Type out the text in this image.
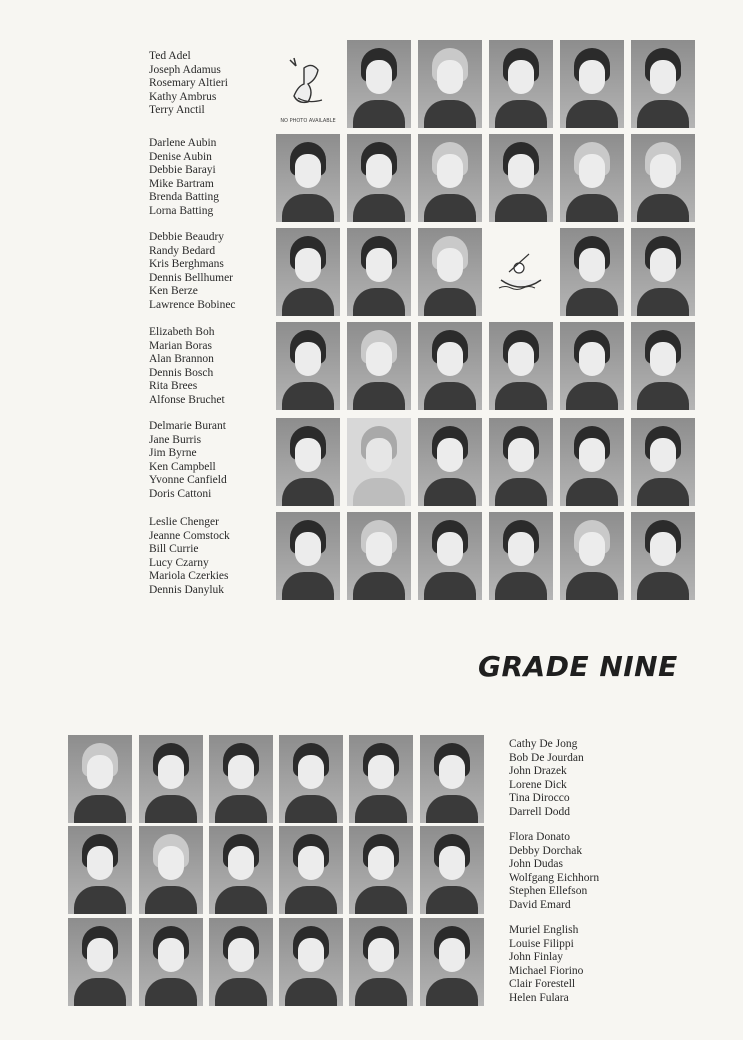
Ted Adel
Joseph Adamus
Rosemary Altieri
Kathy Ambrus
Terry Anctil
Darlene Aubin
Denise Aubin
Debbie Barayi
Mike Bartram
Brenda Batting
Lorna Batting
Debbie Beaudry
Randy Bedard
Kris Berghmans
Dennis Bellhumer
Ken Berze
Lawrence Bobinec
Elizabeth Boh
Marian Boras
Alan Brannon
Dennis Bosch
Rita Brees
Alfonse Bruchet
Delmarie Burant
Jane Burris
Jim Byrne
Ken Campbell
Yvonne Canfield
Doris Cattoni
Leslie Chenger
Jeanne Comstock
Bill Currie
Lucy Czarny
Mariola Czerkies
Dennis Danyluk
NO PHOTO AVAILABLE
GRADE NINE
Cathy De Jong
Bob De Jourdan
John Drazek
Lorene Dick
Tina Dirocco
Darrell Dodd
Flora Donato
Debby Dorchak
John Dudas
Wolfgang Eichhorn
Stephen Ellefson
David Emard
Muriel English
Louise Filippi
John Finlay
Michael Fiorino
Clair Forestell
Helen Fulara
